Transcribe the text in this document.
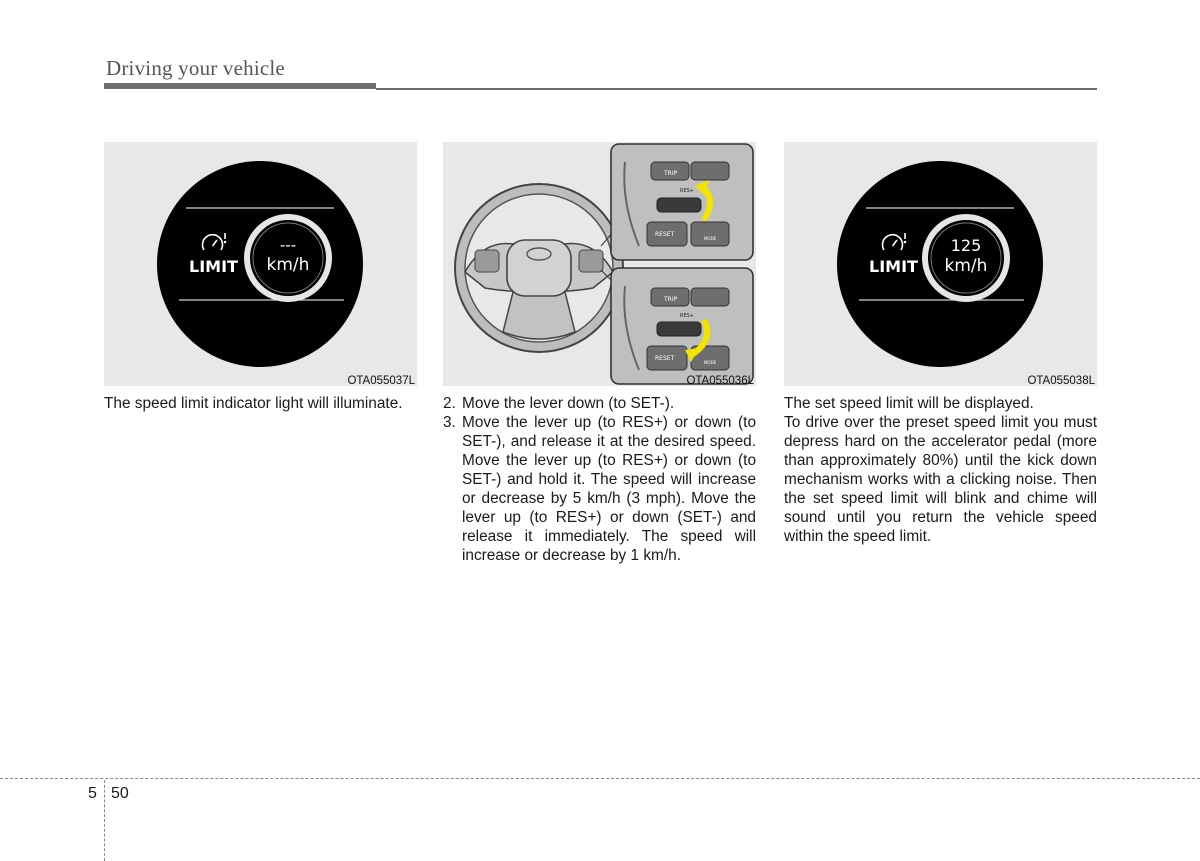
Driving your vehicle
LIMIT
---
km/h
OTA055037L
TRIP
RES+
RESET
MODE
TRIP
RES+
RESET
MODE
OTA055036L
LIMIT
125
km/h
OTA055038L

The speed limit indicator light will illuminate.	2. Move the lever down (to SET-).
3. Move the lever up (to RES+) or down (to SET-), and release it at the desired speed. Move the lever up (to RES+) or down (to SET-) and hold it. The speed will increase or decrease by 5 km/h (3 mph). Move the lever up (to RES+) or down (SET-) and release it immediately. The speed will increase or decrease by 1 km/h.

The set speed limit will be displayed.

To drive over the preset speed limit you must depress hard on the accelerator pedal (more than approximately 80%) until the kick down mechanism works with a clicking noise. Then the set speed limit will blink and chime will sound until you return the vehicle speed within the speed limit.

5 50
